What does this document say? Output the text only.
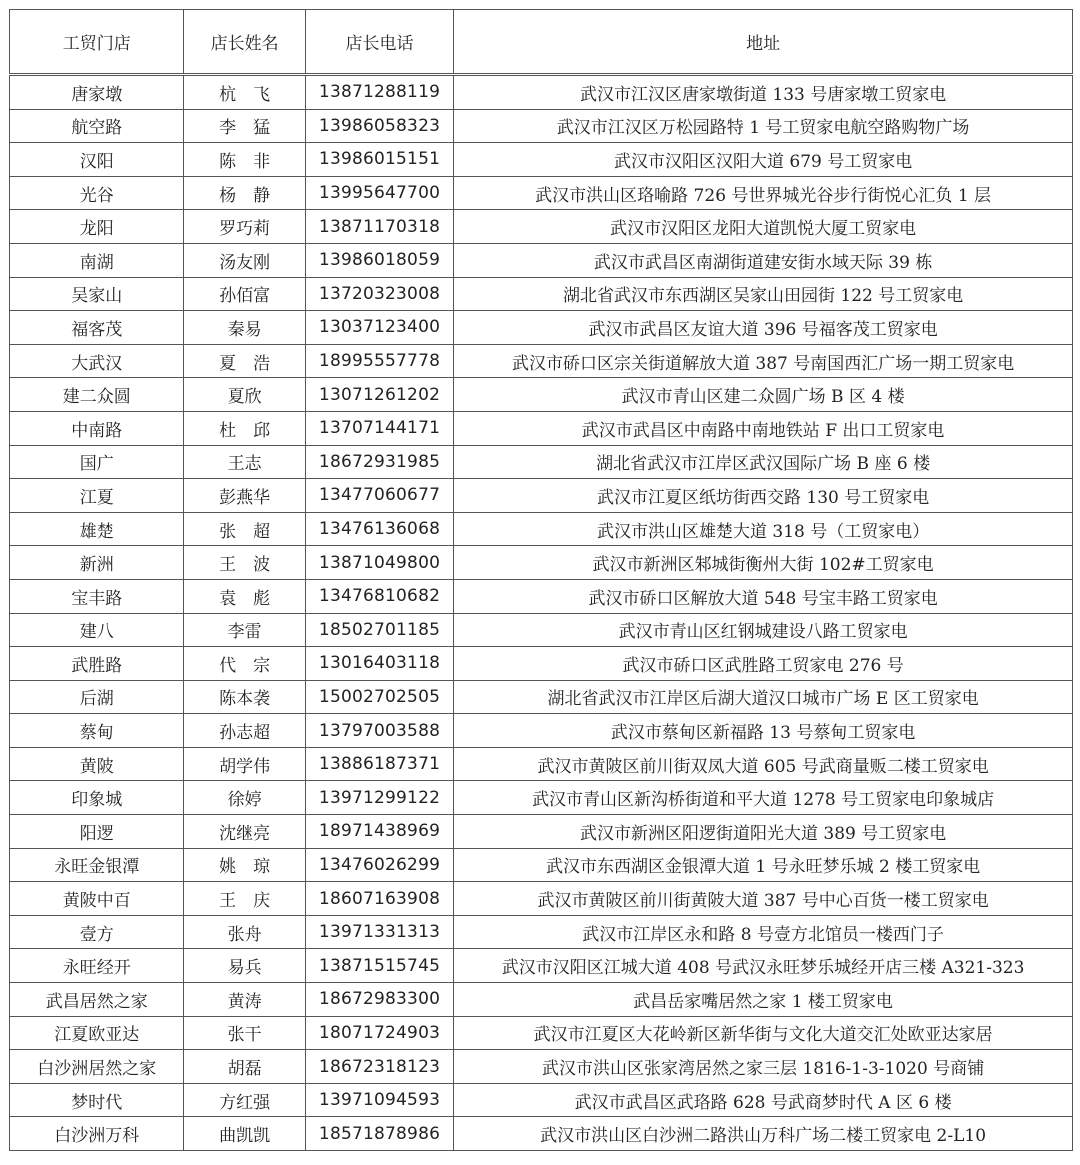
工贸门店	店长姓名	店长电话	地址
唐家墩	杭　飞	13871288119	武汉市江汉区唐家墩街道 133 号唐家墩工贸家电
航空路	李　猛	13986058323	武汉市江汉区万松园路特 1 号工贸家电航空路购物广场
汉阳	陈　非	13986015151	武汉市汉阳区汉阳大道 679 号工贸家电
光谷	杨　静	13995647700	武汉市洪山区珞喻路 726 号世界城光谷步行街悦心汇负 1 层
龙阳	罗巧莉	13871170318	武汉市汉阳区龙阳大道凯悦大厦工贸家电
南湖	汤友刚	13986018059	武汉市武昌区南湖街道建安街水域天际 39 栋
吴家山	孙佰富	13720323008	湖北省武汉市东西湖区吴家山田园街 122 号工贸家电
福客茂	秦易	13037123400	武汉市武昌区友谊大道 396 号福客茂工贸家电
大武汉	夏　浩	18995557778	武汉市硚口区宗关街道解放大道 387 号南国西汇广场一期工贸家电
建二众圆	夏欣	13071261202	武汉市青山区建二众圆广场 B 区 4 楼
中南路	杜　邱	13707144171	武汉市武昌区中南路中南地铁站 F 出口工贸家电
国广	王志	18672931985	湖北省武汉市江岸区武汉国际广场 B 座 6 楼
江夏	彭燕华	13477060677	武汉市江夏区纸坊街西交路 130 号工贸家电
雄楚	张　超	13476136068	武汉市洪山区雄楚大道 318 号（工贸家电）
新洲	王　波	13871049800	武汉市新洲区邾城街衡州大街 102#工贸家电
宝丰路	袁　彪	13476810682	武汉市硚口区解放大道 548 号宝丰路工贸家电
建八	李雷	18502701185	武汉市青山区红钢城建设八路工贸家电
武胜路	代　宗	13016403118	武汉市硚口区武胜路工贸家电 276 号
后湖	陈本袭	15002702505	湖北省武汉市江岸区后湖大道汉口城市广场 E 区工贸家电
蔡甸	孙志超	13797003588	武汉市蔡甸区新福路 13 号蔡甸工贸家电
黄陂	胡学伟	13886187371	武汉市黄陂区前川街双凤大道 605 号武商量贩二楼工贸家电
印象城	徐婷	13971299122	武汉市青山区新沟桥街道和平大道 1278 号工贸家电印象城店
阳逻	沈继亮	18971438969	武汉市新洲区阳逻街道阳光大道 389 号工贸家电
永旺金银潭	姚　琼	13476026299	武汉市东西湖区金银潭大道 1 号永旺梦乐城 2 楼工贸家电
黄陂中百	王　庆	18607163908	武汉市黄陂区前川街黄陂大道 387 号中心百货一楼工贸家电
壹方	张舟	13971331313	武汉市江岸区永和路 8 号壹方北馆员一楼西门子
永旺经开	易兵	13871515745	武汉市汉阳区江城大道 408 号武汉永旺梦乐城经开店三楼 A321-323
武昌居然之家	黄涛	18672983300	武昌岳家嘴居然之家 1 楼工贸家电
江夏欧亚达	张干	18071724903	武汉市江夏区大花岭新区新华街与文化大道交汇处欧亚达家居
白沙洲居然之家	胡磊	18672318123	武汉市洪山区张家湾居然之家三层 1816-1-3-1020 号商铺
梦时代	方红强	13971094593	武汉市武昌区武珞路 628 号武商梦时代 A 区 6 楼
白沙洲万科	曲凯凯	18571878986	武汉市洪山区白沙洲二路洪山万科广场二楼工贸家电 2-L10
